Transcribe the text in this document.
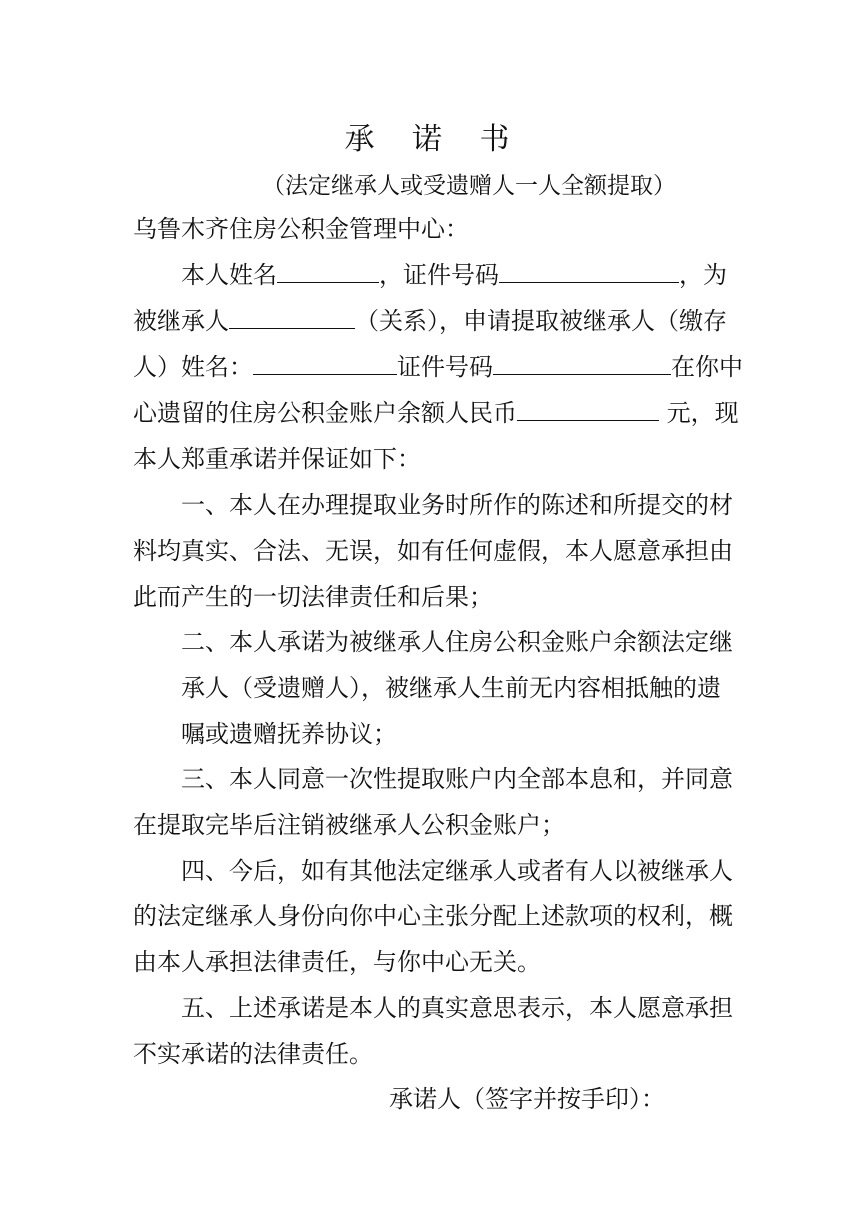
承 诺 书
（法定继承人或受遗赠人一人全额提取）
乌鲁木齐住房公积金管理中心：
本人姓名	，证件号码	，为
被继承人	（关系），申请提取被继承人（缴存
人）姓名：	证件号码	在你中
心遗留的住房公积金账户余额人民币	元，现
本人郑重承诺并保证如下：
一、本人在办理提取业务时所作的陈述和所提交的材
料均真实、合法、无误，如有任何虚假，本人愿意承担由
此而产生的一切法律责任和后果；
二、本人承诺为被继承人住房公积金账户余额法定继
承人（受遗赠人），被继承人生前无内容相抵触的遗
嘱或遗赠抚养协议；
三、本人同意一次性提取账户内全部本息和，并同意
在提取完毕后注销被继承人公积金账户；
四、今后，如有其他法定继承人或者有人以被继承人
的法定继承人身份向你中心主张分配上述款项的权利，概
由本人承担法律责任，与你中心无关。
五、上述承诺是本人的真实意思表示，本人愿意承担
不实承诺的法律责任。
承诺人（签字并按手印）：
